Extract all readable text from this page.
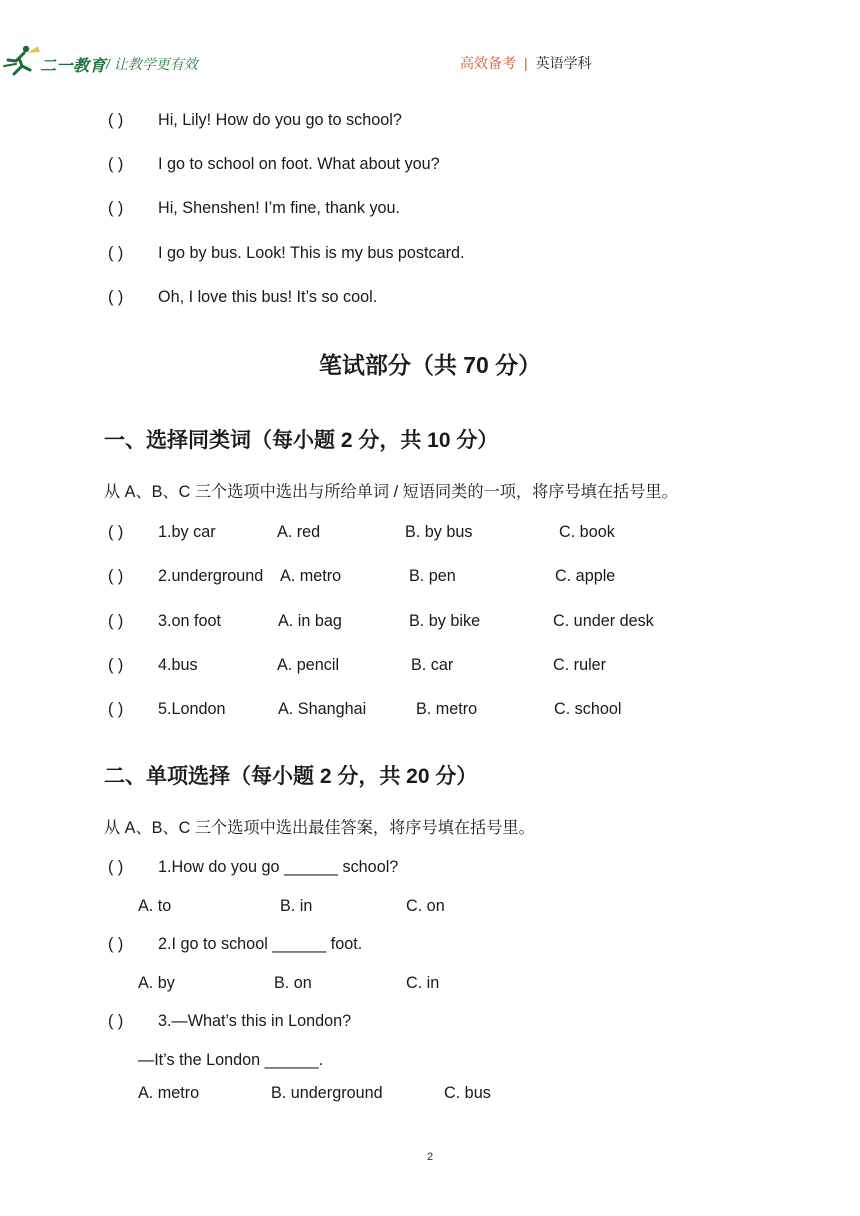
二一教育 / 让教学更有效	高效备考 | 英语学科
( ) Hi, Lily! How do you go to school?
( ) I go to school on foot. What about you?
( ) Hi, Shenshen! I’m fine, thank you.
( ) I go by bus. Look! This is my bus postcard.
( ) Oh, I love this bus! It’s so cool.
笔试部分（共 70 分）
一、选择同类词（每小题 2 分，共 10 分）
从 A、B、C 三个选项中选出与所给单词 / 短语同类的一项，将序号填在括号里。
( ) 1.by car	A. red	B. by bus	C. book
( ) 2.underground A. metro	B. pen	C. apple
( ) 3.on foot	A. in bag	B. by bike	C. under desk
( ) 4.bus	A. pencil	B. car	C. ruler
( ) 5.London	A. Shanghai	B. metro	C. school
二、单项选择（每小题 2 分，共 20 分）
从 A、B、C 三个选项中选出最佳答案，将序号填在括号里。
( ) 1.How do you go ______ school?
A. to	B. in	C. on
( ) 2.I go to school ______ foot.
A. by	B. on	C. in
( ) 3.—What’s this in London?
—It’s the London ______.
A. metro	B. underground	C. bus
2
